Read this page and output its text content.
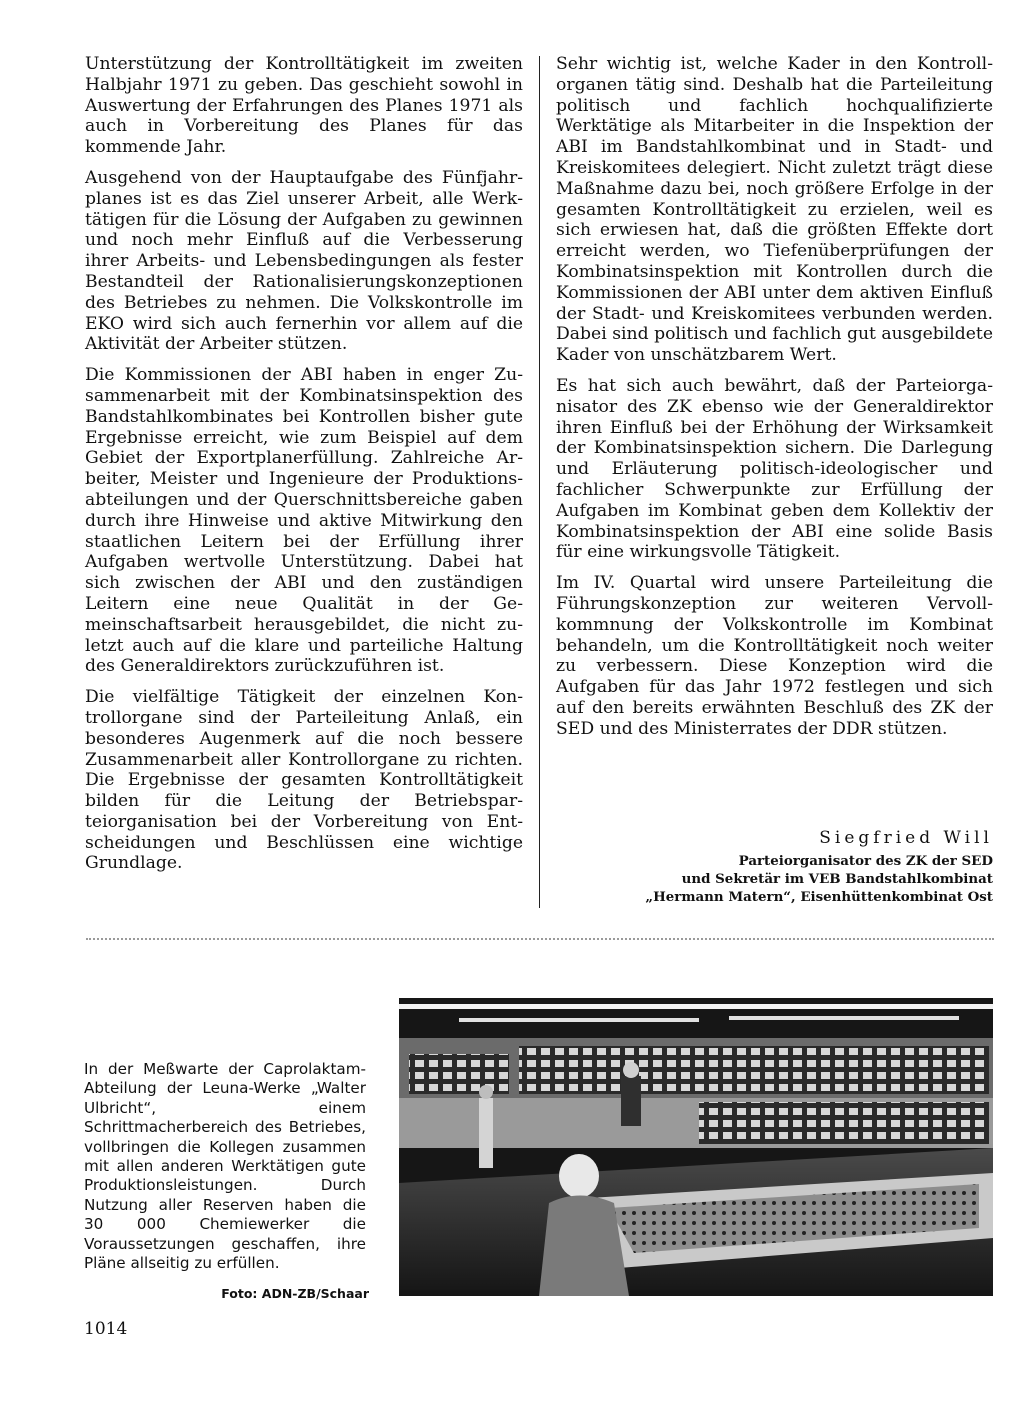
Unterstützung der Kontrolltätigkeit im zweiten Halbjahr 1971 zu geben. Das geschieht sowohl in Auswertung der Erfahrungen des Planes 1971 als auch in Vorbereitung des Planes für das kommende Jahr.

Ausgehend von der Hauptaufgabe des Fünfjahrplanes ist es das Ziel unserer Arbeit, alle Werktätigen für die Lösung der Aufgaben zu gewinnen und noch mehr Einfluß auf die Verbesserung ihrer Arbeits- und Lebensbedingungen als fester Bestandteil der Rationalisierungskonzeptionen des Betriebes zu nehmen. Die Volkskontrolle im EKO wird sich auch fernerhin vor allem auf die Aktivität der Arbeiter stützen.

Die Kommissionen der ABI haben in enger Zusammenarbeit mit der Kombinatsinspektion des Bandstahlkombinates bei Kontrollen bisher gute Ergebnisse erreicht, wie zum Beispiel auf dem Gebiet der Exportplanerfüllung. Zahlreiche Arbeiter, Meister und Ingenieure der Produktionsabteilungen und der Querschnittsbereiche gaben durch ihre Hinweise und aktive Mitwirkung den staatlichen Leitern bei der Erfüllung ihrer Aufgaben wertvolle Unterstützung. Dabei hat sich zwischen der ABI und den zuständigen Leitern eine neue Qualität in der Gemeinschaftsarbeit herausgebildet, die nicht zuletzt auch auf die klare und parteiliche Haltung des Generaldirektors zurückzuführen ist.

Die vielfältige Tätigkeit der einzelnen Kontrollorgane sind der Parteileitung Anlaß, ein besonderes Augenmerk auf die noch bessere Zusammenarbeit aller Kontrollorgane zu richten. Die Ergebnisse der gesamten Kontrolltätigkeit bilden für die Leitung der Betriebsparteiorganisation bei der Vorbereitung von Entscheidungen und Beschlüssen eine wichtige Grundlage.

Sehr wichtig ist, welche Kader in den Kontrollorganen tätig sind. Deshalb hat die Parteileitung politisch und fachlich hochqualifizierte Werktätige als Mitarbeiter in die Inspektion der ABI im Bandstahlkombinat und in Stadt- und Kreiskomitees delegiert. Nicht zuletzt trägt diese Maßnahme dazu bei, noch größere Erfolge in der gesamten Kontrolltätigkeit zu erzielen, weil es sich erwiesen hat, daß die größten Effekte dort erreicht werden, wo Tiefenüberprüfungen der Kombinatsinspektion mit Kontrollen durch die Kommissionen der ABI unter dem aktiven Einfluß der Stadt- und Kreiskomitees verbunden werden. Dabei sind politisch und fachlich gut ausgebildete Kader von unschätzbarem Wert.

Es hat sich auch bewährt, daß der Parteiorganisator des ZK ebenso wie der Generaldirektor ihren Einfluß bei der Erhöhung der Wirksamkeit der Kombinatsinspektion sichern. Die Darlegung und Erläuterung politisch-ideologischer und fachlicher Schwerpunkte zur Erfüllung der Aufgaben im Kombinat geben dem Kollektiv der Kombinatsinspektion der ABI eine solide Basis für eine wirkungsvolle Tätigkeit.

Im IV. Quartal wird unsere Parteileitung die Führungskonzeption zur weiteren Vervollkommnung der Volkskontrolle im Kombinat behandeln, um die Kontrolltätigkeit noch weiter zu verbessern. Diese Konzeption wird die Aufgaben für das Jahr 1972 festlegen und sich auf den bereits erwähnten Beschluß des ZK der SED und des Ministerrates der DDR stützen.

Siegfried Will
Parteiorganisator des ZK der SED
und Sekretär im VEB Bandstahlkombinat
„Hermann Matern“, Eisenhüttenkombinat Ost
In der Meßwarte der Caprolaktam-Abteilung der Leuna-Werke „Walter Ulbricht“, einem Schrittmacherbereich des Betriebes, vollbringen die Kollegen zusammen mit allen anderen Werktätigen gute Produktionsleistungen. Durch Nutzung aller Reserven haben die 30 000 Chemiewerker die Voraussetzungen geschaffen, ihre Pläne allseitig zu erfüllen.
Foto: ADN-ZB/Schaar
1014
